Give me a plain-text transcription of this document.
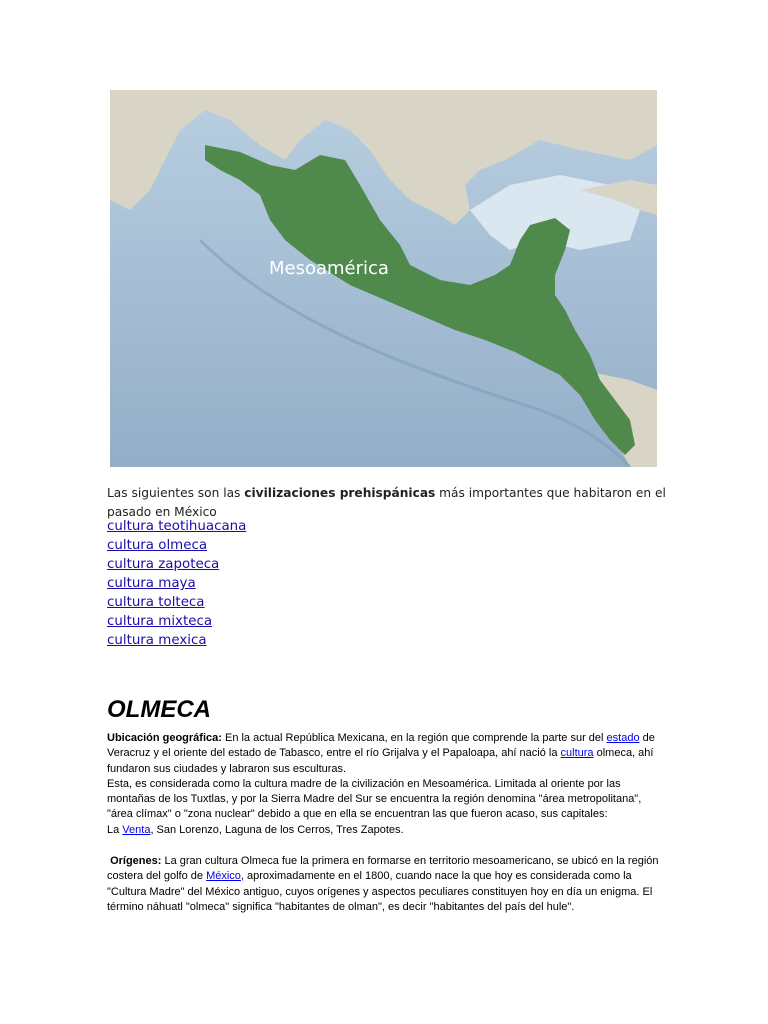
Mesoamérica
Las siguientes son las civilizaciones prehispánicas más importantes que habitaron en el pasado en México
cultura teotihuacana
cultura olmeca
cultura zapoteca
cultura maya
cultura tolteca
cultura mixteca
cultura mexica
OLMECA
Ubicación geográfica: En la actual República Mexicana, en la región que comprende la parte sur del estado de Veracruz y el oriente del estado de Tabasco, entre el río Grijalva y el Papaloapa, ahí nació la cultura olmeca, ahí fundaron sus ciudades y labraron sus esculturas.
Esta, es considerada como la cultura madre de la civilización en Mesoamérica. Limitada al oriente por las montañas de los Tuxtlas, y por la Sierra Madre del Sur se encuentra la región denomina "área metropolitana", "área clímax" o "zona nuclear" debido a que en ella se encuentran las que fueron acaso, sus capitales:
La Venta, San Lorenzo, Laguna de los Cerros, Tres Zapotes.
Orígenes: La gran cultura Olmeca fue la primera en formarse en territorio mesoamericano, se ubicó en la región costera del golfo de México, aproximadamente en el 1800, cuando nace la que hoy es considerada como la "Cultura Madre" del México antiguo, cuyos orígenes y aspectos peculiares constituyen hoy en día un enigma. El término náhuatl "olmeca" significa "habitantes de olman", es decir "habitantes del país del hule".
